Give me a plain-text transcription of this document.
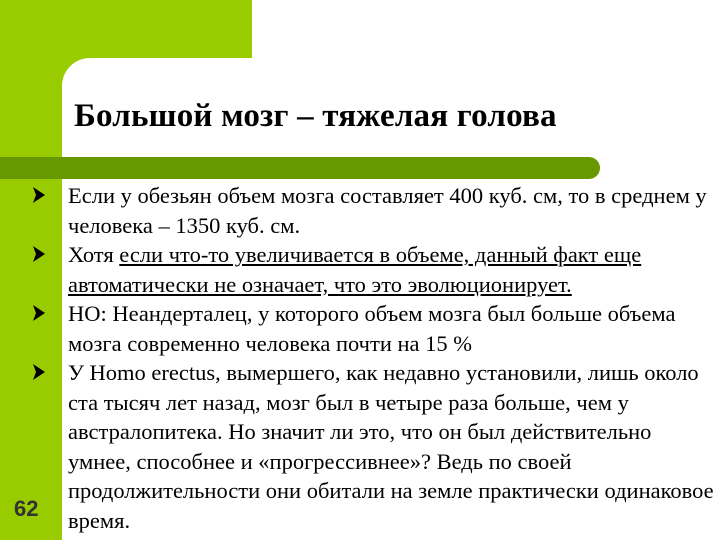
Большой мозг – тяжелая голова
Если у обезьян объем мозга составляет 400 куб. см, то в среднем у человека – 1350 куб. см.
Хотя если что-то увеличивается в объеме, данный факт еще автоматически не означает, что это эволюционирует.
НО: Неандерталец, у которого объем мозга был больше объема мозга современно человека почти на 15 %
У Homo erectus, вымершего, как недавно установили, лишь около ста тысяч лет назад, мозг был в четыре раза больше, чем у австралопитека. Но значит ли это, что он был действительно умнее, способнее и «прогрессивнее»? Ведь по своей продолжительности они обитали на земле практически одинаковое время.
62
